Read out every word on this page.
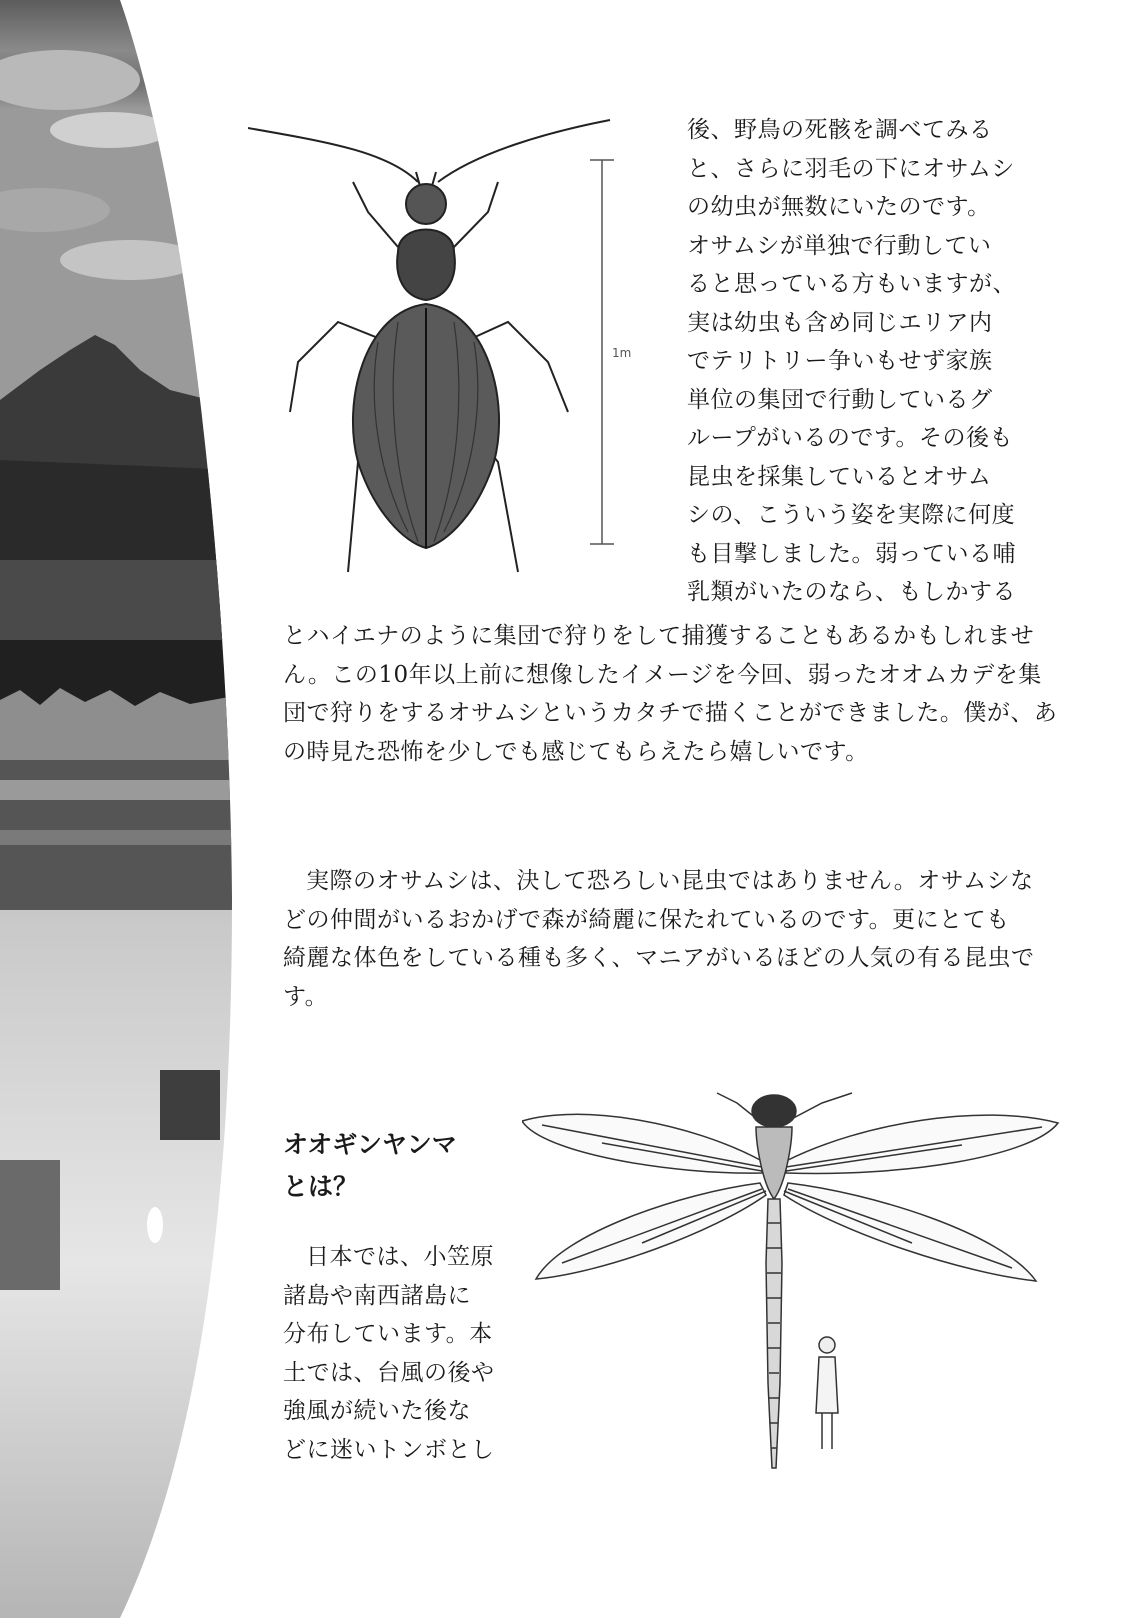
1m

後、野鳥の死骸を調べてみる

と、さらに羽毛の下にオサムシ

の幼虫が無数にいたのです。

オサムシが単独で行動してい

ると思っている方もいますが、

実は幼虫も含め同じエリア内

でテリトリー争いもせず家族

単位の集団で行動しているグ

ループがいるのです。その後も

昆虫を採集しているとオサム

シの、こういう姿を実際に何度

も目撃しました。弱っている哺

乳類がいたのなら、もしかする

とハイエナのように集団で狩りをして捕獲することもあるかもしれませ

ん。この10年以上前に想像したイメージを今回、弱ったオオムカデを集

団で狩りをするオサムシというカタチで描くことができました。僕が、あ

の時見た恐怖を少しでも感じてもらえたら嬉しいです。

実際のオサムシは、決して恐ろしい昆虫ではありません。オサムシな

どの仲間がいるおかげで森が綺麗に保たれているのです。更にとても

綺麗な体色をしている種も多く、マニアがいるほどの人気の有る昆虫で

す。

オオギンヤンマ

とは？

日本では、小笠原

諸島や南西諸島に

分布しています。本

土では、台風の後や

強風が続いた後な

どに迷いトンボとし
